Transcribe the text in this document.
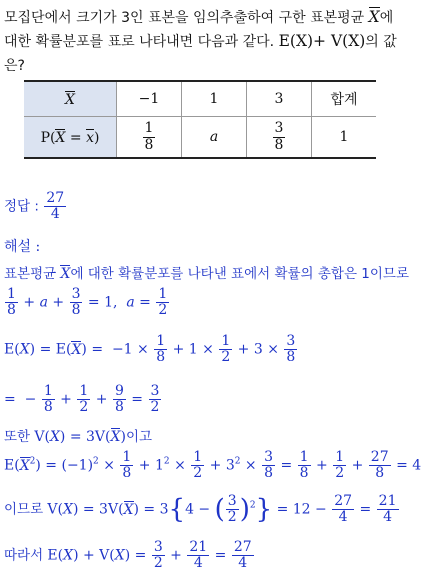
모집단에서 크기가 3인 표본을 임의추출하여 구한 표본평균 X에
대한 확률분포를 표로 나타내면 다음과 같다. E(X)+ V(X)의 값
은?
X	−1	1	3	합계
P(X = x)	$\frac{1}{8}$	a	$\frac{3}{8}$	1
정답 : $\frac{27}{4}$
해설 :
표본평균 X에 대한 확률분포를 나타낸 표에서 확률의 총합은 1이므로
$\frac{1}{8} + a + \frac{3}{8} = 1$,  $a = \frac{1}{2}$
$E(X) = E(X) = -1 \times \frac{1}{8} + 1 \times \frac{1}{2} + 3 \times \frac{3}{8}$
=  − $\frac{1}{8} + \frac{1}{2} + \frac{9}{8} = \frac{3}{2}$
또한 V(X) = 3V(X)이고
$E(X^2) = (-1)^2 \times \frac{1}{8} + 1^2 \times \frac{1}{2} + 3^2 \times \frac{3}{8} = \frac{1}{8} + \frac{1}{2} + \frac{27}{8} = 4$
이므로 V(X) = 3V(X) = 3{4 − ( $\frac{3}{2} )^2\} = 12 - \frac{27}{4} = \frac{21}{4}$
따라서 $E(X) + V(X) = \frac{3}{2} + \frac{21}{4} = \frac{27}{4}$
